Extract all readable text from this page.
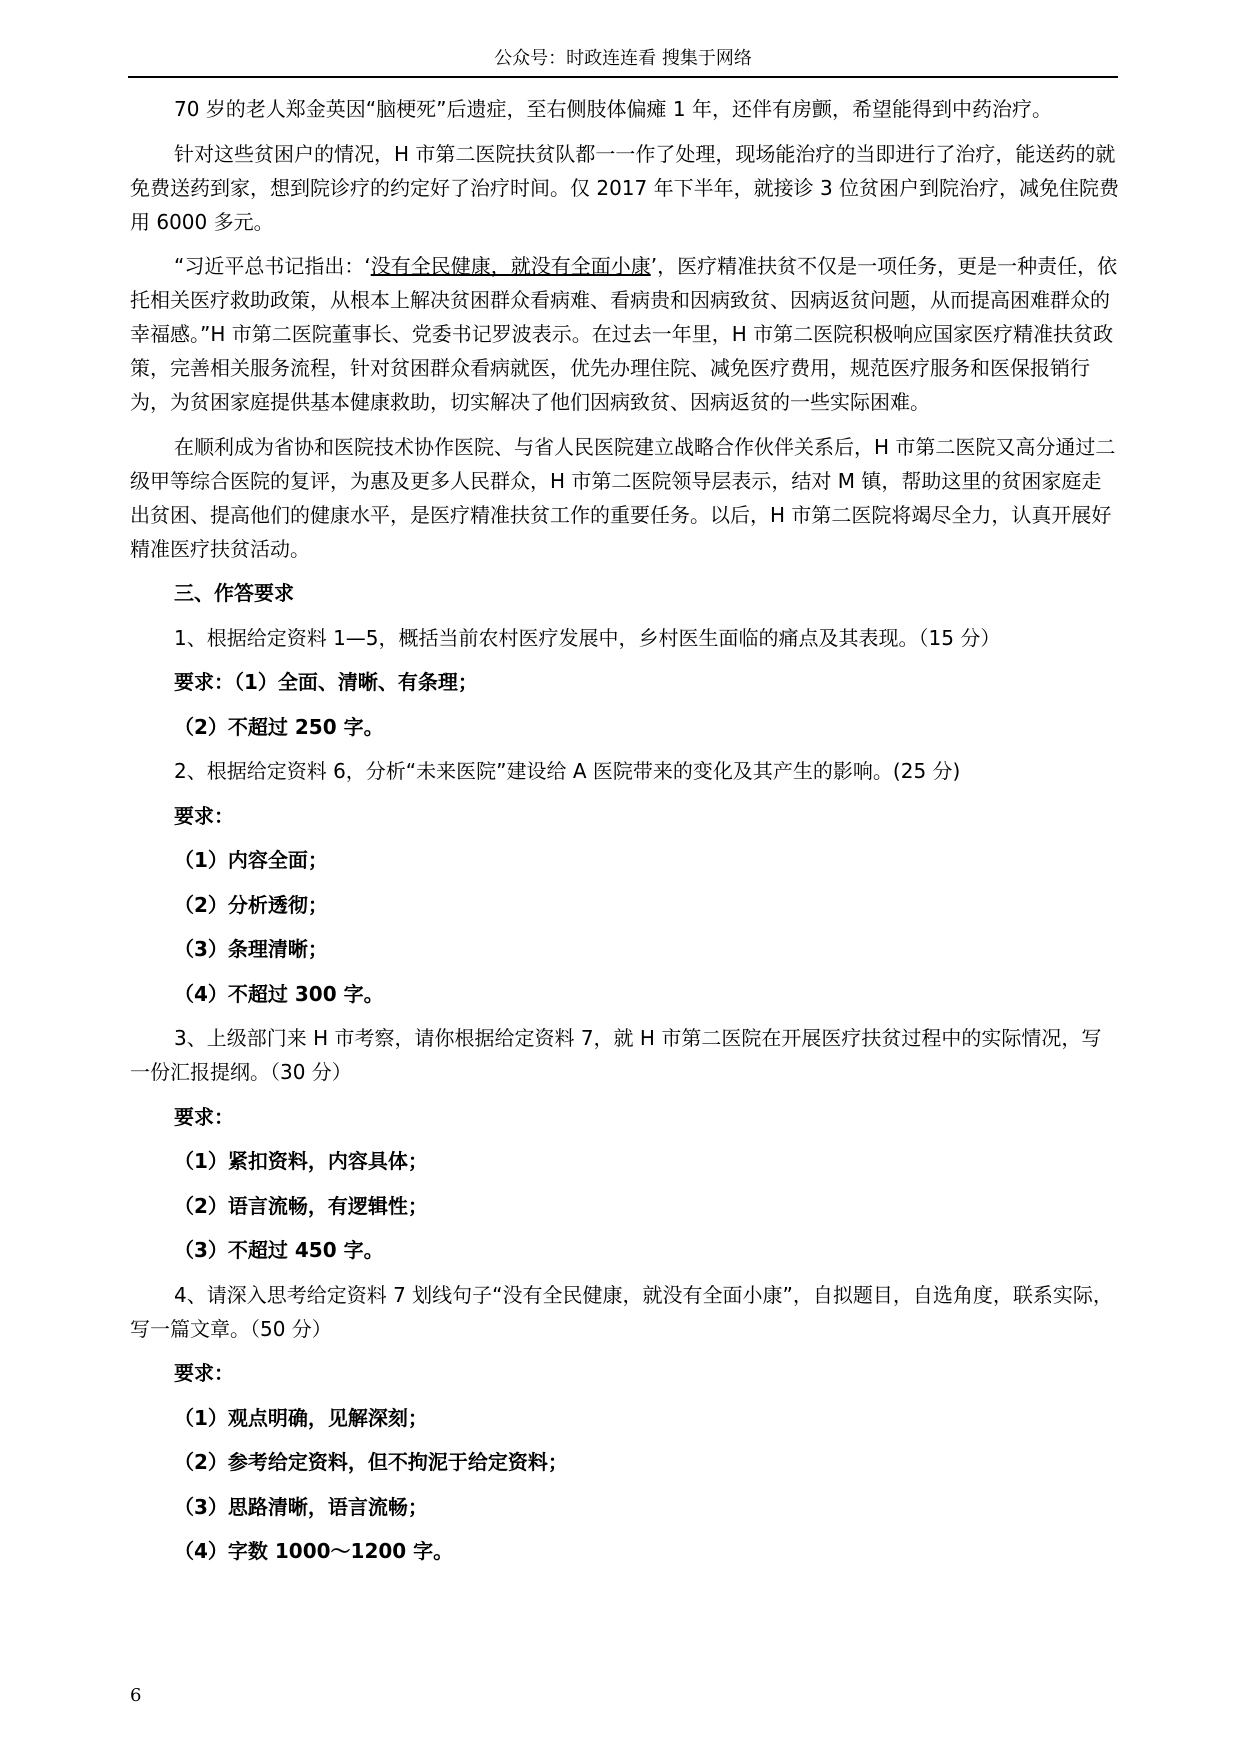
公众号：时政连连看 搜集于网络

70 岁的老人郑金英因“脑梗死”后遗症，至右侧肢体偏瘫 1 年，还伴有房颤，希望能得到中药治疗。

针对这些贫困户的情况，H 市第二医院扶贫队都一一作了处理，现场能治疗的当即进行了治疗，能送药的就免费送药到家，想到院诊疗的约定好了治疗时间。仅 2017 年下半年，就接诊 3 位贫困户到院治疗，减免住院费用 6000 多元。

“习近平总书记指出：‘没有全民健康，就没有全面小康’，医疗精准扶贫不仅是一项任务，更是一种责任，依托相关医疗救助政策，从根本上解决贫困群众看病难、看病贵和因病致贫、因病返贫问题，从而提高困难群众的幸福感。”H 市第二医院董事长、党委书记罗波表示。在过去一年里，H 市第二医院积极响应国家医疗精准扶贫政策，完善相关服务流程，针对贫困群众看病就医，优先办理住院、减免医疗费用，规范医疗服务和医保报销行为，为贫困家庭提供基本健康救助，切实解决了他们因病致贫、因病返贫的一些实际困难。

在顺利成为省协和医院技术协作医院、与省人民医院建立战略合作伙伴关系后，H 市第二医院又高分通过二级甲等综合医院的复评，为惠及更多人民群众，H 市第二医院领导层表示，结对 M 镇，帮助这里的贫困家庭走出贫困、提高他们的健康水平，是医疗精准扶贫工作的重要任务。以后，H 市第二医院将竭尽全力，认真开展好精准医疗扶贫活动。

三、作答要求

1、根据给定资料 1—5，概括当前农村医疗发展中，乡村医生面临的痛点及其表现。（15 分）

要求：（1）全面、清晰、有条理；

（2）不超过 250 字。

2、根据给定资料 6，分析“未来医院”建设给 A 医院带来的变化及其产生的影响。(25 分)

要求：

（1）内容全面；

（2）分析透彻；

（3）条理清晰；

（4）不超过 300 字。

3、上级部门来 H 市考察，请你根据给定资料 7，就 H 市第二医院在开展医疗扶贫过程中的实际情况，写一份汇报提纲。（30 分）

要求：

（1）紧扣资料，内容具体；

（2）语言流畅，有逻辑性；

（3）不超过 450 字。

4、请深入思考给定资料 7 划线句子“没有全民健康，就没有全面小康”，自拟题目，自选角度，联系实际，写一篇文章。（50 分）

要求：

（1）观点明确，见解深刻；

（2）参考给定资料，但不拘泥于给定资料；

（3）思路清晰，语言流畅；

（4）字数 1000～1200 字。

6
